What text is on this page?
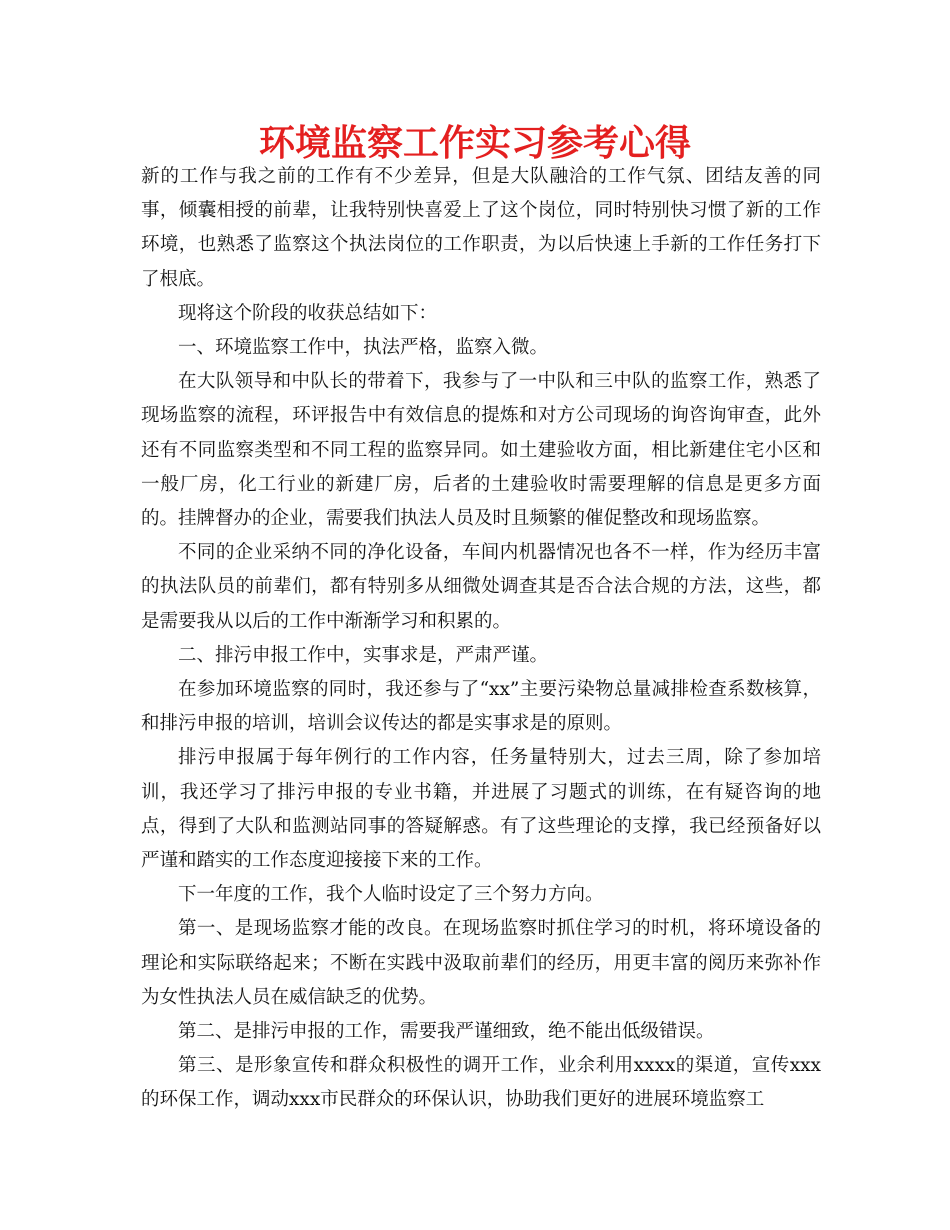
环境监察工作实习参考心得

新的工作与我之前的工作有不少差异，但是大队融洽的工作气氛、团结友善的同事，倾囊相授的前辈，让我特别快喜爱上了这个岗位，同时特别快习惯了新的工作环境，也熟悉了监察这个执法岗位的工作职责，为以后快速上手新的工作任务打下了根底。

现将这个阶段的收获总结如下：

一、环境监察工作中，执法严格，监察入微。

在大队领导和中队长的带着下，我参与了一中队和三中队的监察工作，熟悉了现场监察的流程，环评报告中有效信息的提炼和对方公司现场的询咨询审查，此外还有不同监察类型和不同工程的监察异同。如土建验收方面，相比新建住宅小区和一般厂房，化工行业的新建厂房，后者的土建验收时需要理解的信息是更多方面的。挂牌督办的企业，需要我们执法人员及时且频繁的催促整改和现场监察。

不同的企业采纳不同的净化设备，车间内机器情况也各不一样，作为经历丰富的执法队员的前辈们，都有特别多从细微处调查其是否合法合规的方法，这些，都是需要我从以后的工作中渐渐学习和积累的。

二、排污申报工作中，实事求是，严肃严谨。

在参加环境监察的同时，我还参与了“xx”主要污染物总量减排检查系数核算，和排污申报的培训，培训会议传达的都是实事求是的原则。

排污申报属于每年例行的工作内容，任务量特别大，过去三周，除了参加培训，我还学习了排污申报的专业书籍，并进展了习题式的训练，在有疑咨询的地点，得到了大队和监测站同事的答疑解惑。有了这些理论的支撑，我已经预备好以严谨和踏实的工作态度迎接接下来的工作。

下一年度的工作，我个人临时设定了三个努力方向。

第一、是现场监察才能的改良。在现场监察时抓住学习的时机，将环境设备的理论和实际联络起来；不断在实践中汲取前辈们的经历，用更丰富的阅历来弥补作为女性执法人员在威信缺乏的优势。

第二、是排污申报的工作，需要我严谨细致，绝不能出低级错误。

第三、是形象宣传和群众积极性的调开工作，业余利用xxxx的渠道，宣传xxx的环保工作，调动xxx市民群众的环保认识，协助我们更好的进展环境监察工
